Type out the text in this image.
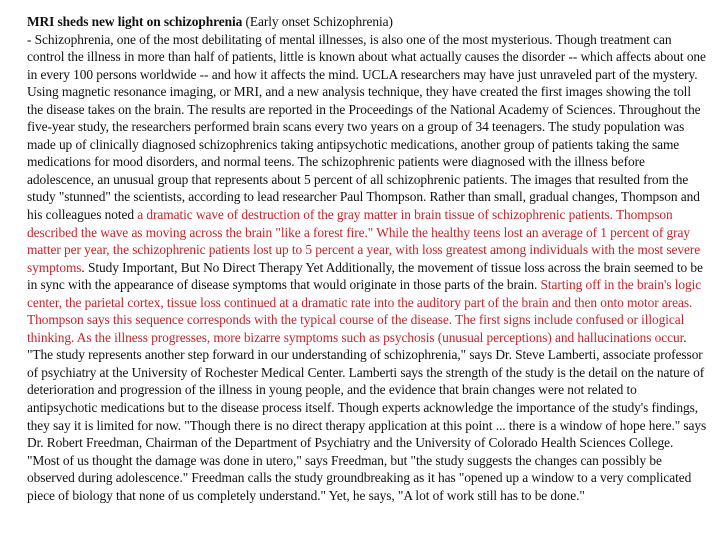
MRI sheds new light on schizophrenia (Early onset Schizophrenia)
- Schizophrenia, one of the most debilitating of mental illnesses, is also one of the most mysterious. Though treatment can control the illness in more than half of patients, little is known about what actually causes the disorder -- which affects about one in every 100 persons worldwide -- and how it affects the mind. UCLA researchers may have just unraveled part of the mystery. Using magnetic resonance imaging, or MRI, and a new analysis technique, they have created the first images showing the toll the disease takes on the brain. The results are reported in the Proceedings of the National Academy of Sciences. Throughout the five-year study, the researchers performed brain scans every two years on a group of 34 teenagers. The study population was made up of clinically diagnosed schizophrenics taking antipsychotic medications, another group of patients taking the same medications for mood disorders, and normal teens. The schizophrenic patients were diagnosed with the illness before adolescence, an unusual group that represents about 5 percent of all schizophrenic patients. The images that resulted from the study "stunned" the scientists, according to lead researcher Paul Thompson. Rather than small, gradual changes, Thompson and his colleagues noted a dramatic wave of destruction of the gray matter in brain tissue of schizophrenic patients. Thompson described the wave as moving across the brain "like a forest fire." While the healthy teens lost an average of 1 percent of gray matter per year, the schizophrenic patients lost up to 5 percent a year, with loss greatest among individuals with the most severe symptoms. Study Important, But No Direct Therapy Yet Additionally, the movement of tissue loss across the brain seemed to be in sync with the appearance of disease symptoms that would originate in those parts of the brain. Starting off in the brain's logic center, the parietal cortex, tissue loss continued at a dramatic rate into the auditory part of the brain and then onto motor areas. Thompson says this sequence corresponds with the typical course of the disease. The first signs include confused or illogical thinking. As the illness progresses, more bizarre symptoms such as psychosis (unusual perceptions) and hallucinations occur. "The study represents another step forward in our understanding of schizophrenia," says Dr. Steve Lamberti, associate professor of psychiatry at the University of Rochester Medical Center. Lamberti says the strength of the study is the detail on the nature of deterioration and progression of the illness in young people, and the evidence that brain changes were not related to antipsychotic medications but to the disease process itself. Though experts acknowledge the importance of the study's findings, they say it is limited for now. "Though there is no direct therapy application at this point ... there is a window of hope here." says Dr. Robert Freedman, Chairman of the Department of Psychiatry and the University of Colorado Health Sciences College. "Most of us thought the damage was done in utero," says Freedman, but "the study suggests the changes can possibly be observed during adolescence." Freedman calls the study groundbreaking as it has "opened up a window to a very complicated piece of biology that none of us completely understand." Yet, he says, "A lot of work still has to be done."
